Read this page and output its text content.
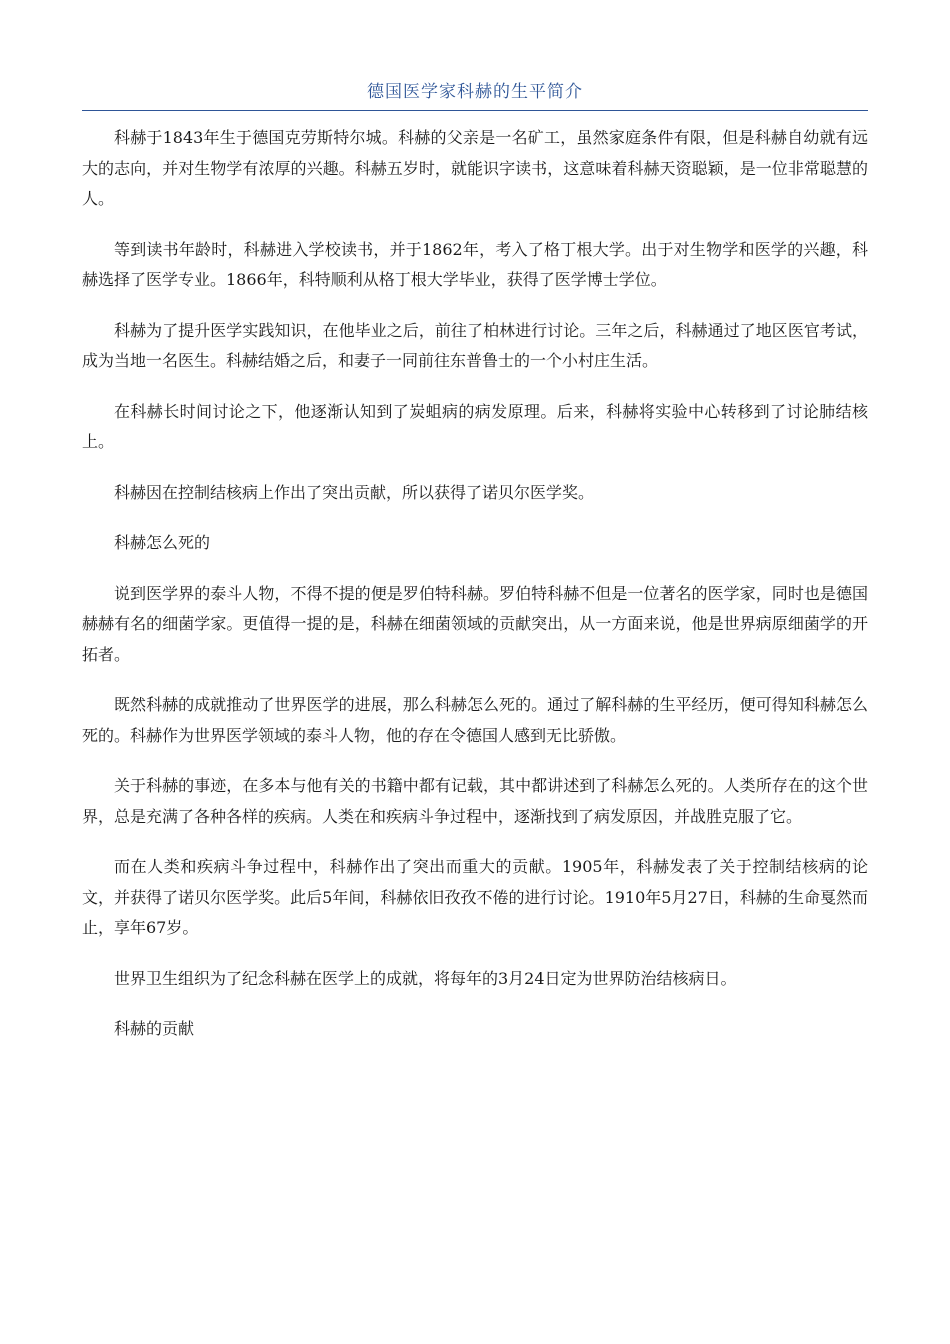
德国医学家科赫的生平简介

科赫于1843年生于德国克劳斯特尔城。科赫的父亲是一名矿工，虽然家庭条件有限，但是科赫自幼就有远大的志向，并对生物学有浓厚的兴趣。科赫五岁时，就能识字读书，这意味着科赫天资聪颖，是一位非常聪慧的人。

等到读书年龄时，科赫进入学校读书，并于1862年，考入了格丁根大学。出于对生物学和医学的兴趣，科赫选择了医学专业。1866年，科特顺利从格丁根大学毕业，获得了医学博士学位。

科赫为了提升医学实践知识，在他毕业之后，前往了柏林进行讨论。三年之后，科赫通过了地区医官考试，成为当地一名医生。科赫结婚之后，和妻子一同前往东普鲁士的一个小村庄生活。

在科赫长时间讨论之下，他逐渐认知到了炭蛆病的病发原理。后来，科赫将实验中心转移到了讨论肺结核上。

科赫因在控制结核病上作出了突出贡献，所以获得了诺贝尔医学奖。

科赫怎么死的

说到医学界的泰斗人物，不得不提的便是罗伯特科赫。罗伯特科赫不但是一位著名的医学家，同时也是德国赫赫有名的细菌学家。更值得一提的是，科赫在细菌领域的贡献突出，从一方面来说，他是世界病原细菌学的开拓者。

既然科赫的成就推动了世界医学的进展，那么科赫怎么死的。通过了解科赫的生平经历，便可得知科赫怎么死的。科赫作为世界医学领域的泰斗人物，他的存在令德国人感到无比骄傲。

关于科赫的事迹，在多本与他有关的书籍中都有记载，其中都讲述到了科赫怎么死的。人类所存在的这个世界，总是充满了各种各样的疾病。人类在和疾病斗争过程中，逐渐找到了病发原因，并战胜克服了它。

而在人类和疾病斗争过程中，科赫作出了突出而重大的贡献。1905年，科赫发表了关于控制结核病的论文，并获得了诺贝尔医学奖。此后5年间，科赫依旧孜孜不倦的进行讨论。1910年5月27日，科赫的生命戛然而止，享年67岁。

世界卫生组织为了纪念科赫在医学上的成就，将每年的3月24日定为世界防治结核病日。

科赫的贡献
